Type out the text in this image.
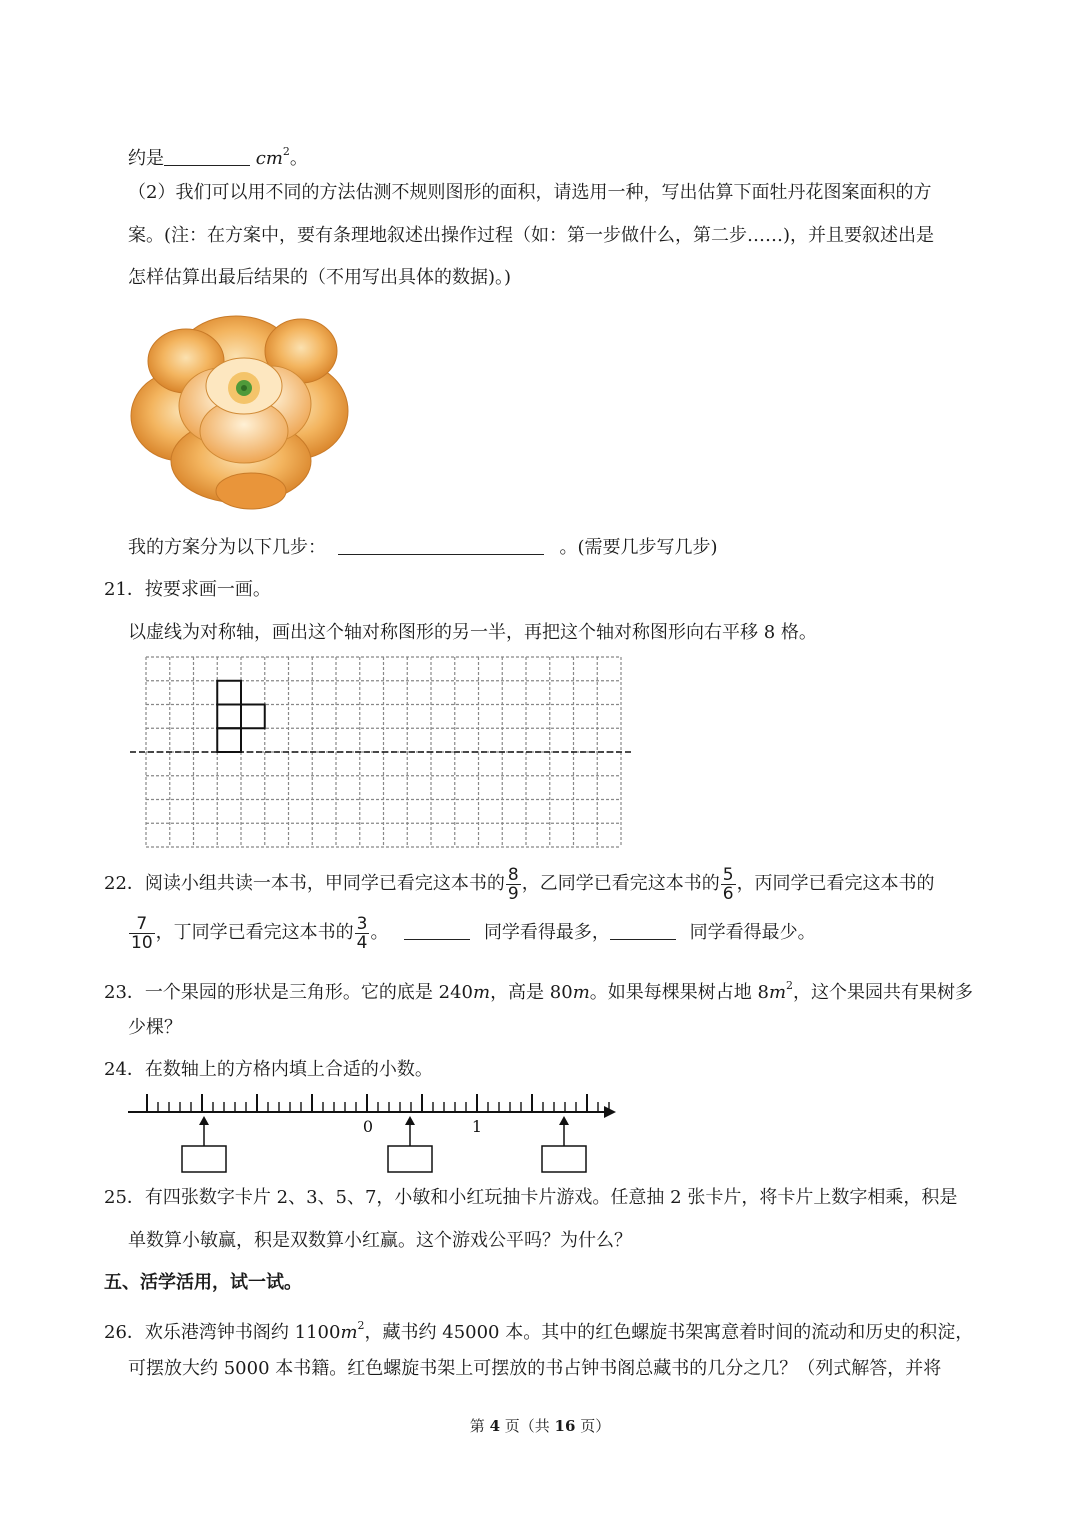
约是	$cm^2$。
（2）我们可以用不同的方法估测不规则图形的面积，请选用一种，写出估算下面牡丹花图案面积的方
案。(注：在方案中，要有条理地叙述出操作过程（如：第一步做什么，第二步……)，并且要叙述出是
怎样估算出最后结果的（不用写出具体的数据)。)
我的方案分为以下几步：	。(需要几步写几步)
21．按要求画一画。
以虚线为对称轴，画出这个轴对称图形的另一半，再把这个轴对称图形向右平移 8 格。
22．阅读小组共读一本书，甲同学已看完这本书的 $\frac{8}{9}$ ，乙同学已看完这本书的 $\frac{5}{6}$ ，丙同学已看完这本书的
$\frac{7}{10}$ ，丁同学已看完这本书的 $\frac{3}{4}$ 。	同学看得最多，	同学看得最少。
23．一个果园的形状是三角形。它的底是 240m，高是 80m。如果每棵果树占地 $8m^2$，这个果园共有果树多
少棵？
24．在数轴上的方格内填上合适的小数。
0	1
25．有四张数字卡片 2、3、5、7，小敏和小红玩抽卡片游戏。任意抽 2 张卡片，将卡片上数字相乘，积是
单数算小敏赢，积是双数算小红赢。这个游戏公平吗？为什么？
五、活学活用，试一试。
26．欢乐港湾钟书阁约 $1100m^2$，藏书约 45000 本。其中的红色螺旋书架寓意着时间的流动和历史的积淀，
可摆放大约 5000 本书籍。红色螺旋书架上可摆放的书占钟书阁总藏书的几分之几？（列式解答，并将
第 4 页（共 16 页）
